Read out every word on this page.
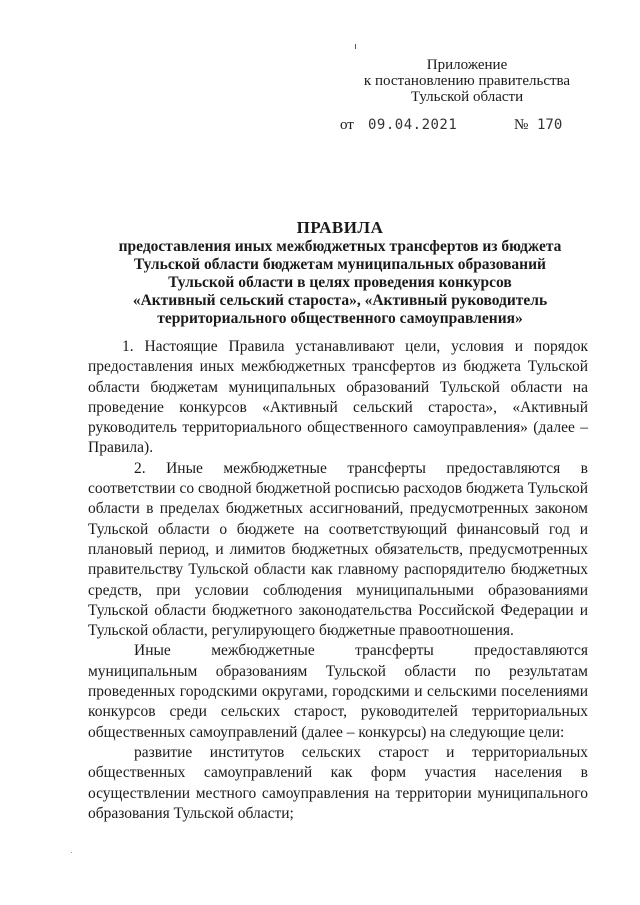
Приложение
к постановлению правительства
Тульской области
от 09.04.2021	№ 170
ПРАВИЛА
предоставления иных межбюджетных трансфертов из бюджета
Тульской области бюджетам муниципальных образований
Тульской области в целях проведения конкурсов
«Активный сельский староста», «Активный руководитель
территориального общественного самоуправления»

1. Настоящие Правила устанавливают цели, условия и порядок предоставления иных межбюджетных трансфертов из бюджета Тульской области бюджетам муниципальных образований Тульской области на проведение конкурсов «Активный сельский староста», «Активный руководитель территориального общественного самоуправления» (далее – Правила).

2. Иные межбюджетные трансферты предоставляются в соответствии со сводной бюджетной росписью расходов бюджета Тульской области в пределах бюджетных ассигнований, предусмотренных законом Тульской области о бюджете на соответствующий финансовый год и плановый период, и лимитов бюджетных обязательств, предусмотренных правительству Тульской области как главному распорядителю бюджетных средств, при условии соблюдения муниципальными образованиями Тульской области бюджетного законодательства Российской Федерации и Тульской области, регулирующего бюджетные правоотношения.

Иные межбюджетные трансферты предоставляются муниципальным образованиям Тульской области по результатам проведенных городскими округами, городскими и сельскими поселениями конкурсов среди сельских старост, руководителей территориальных общественных самоуправлений (далее – конкурсы) на следующие цели:

развитие институтов сельских старост и территориальных общественных самоуправлений как форм участия населения в осуществлении местного самоуправления на территории муниципального образования Тульской области;
